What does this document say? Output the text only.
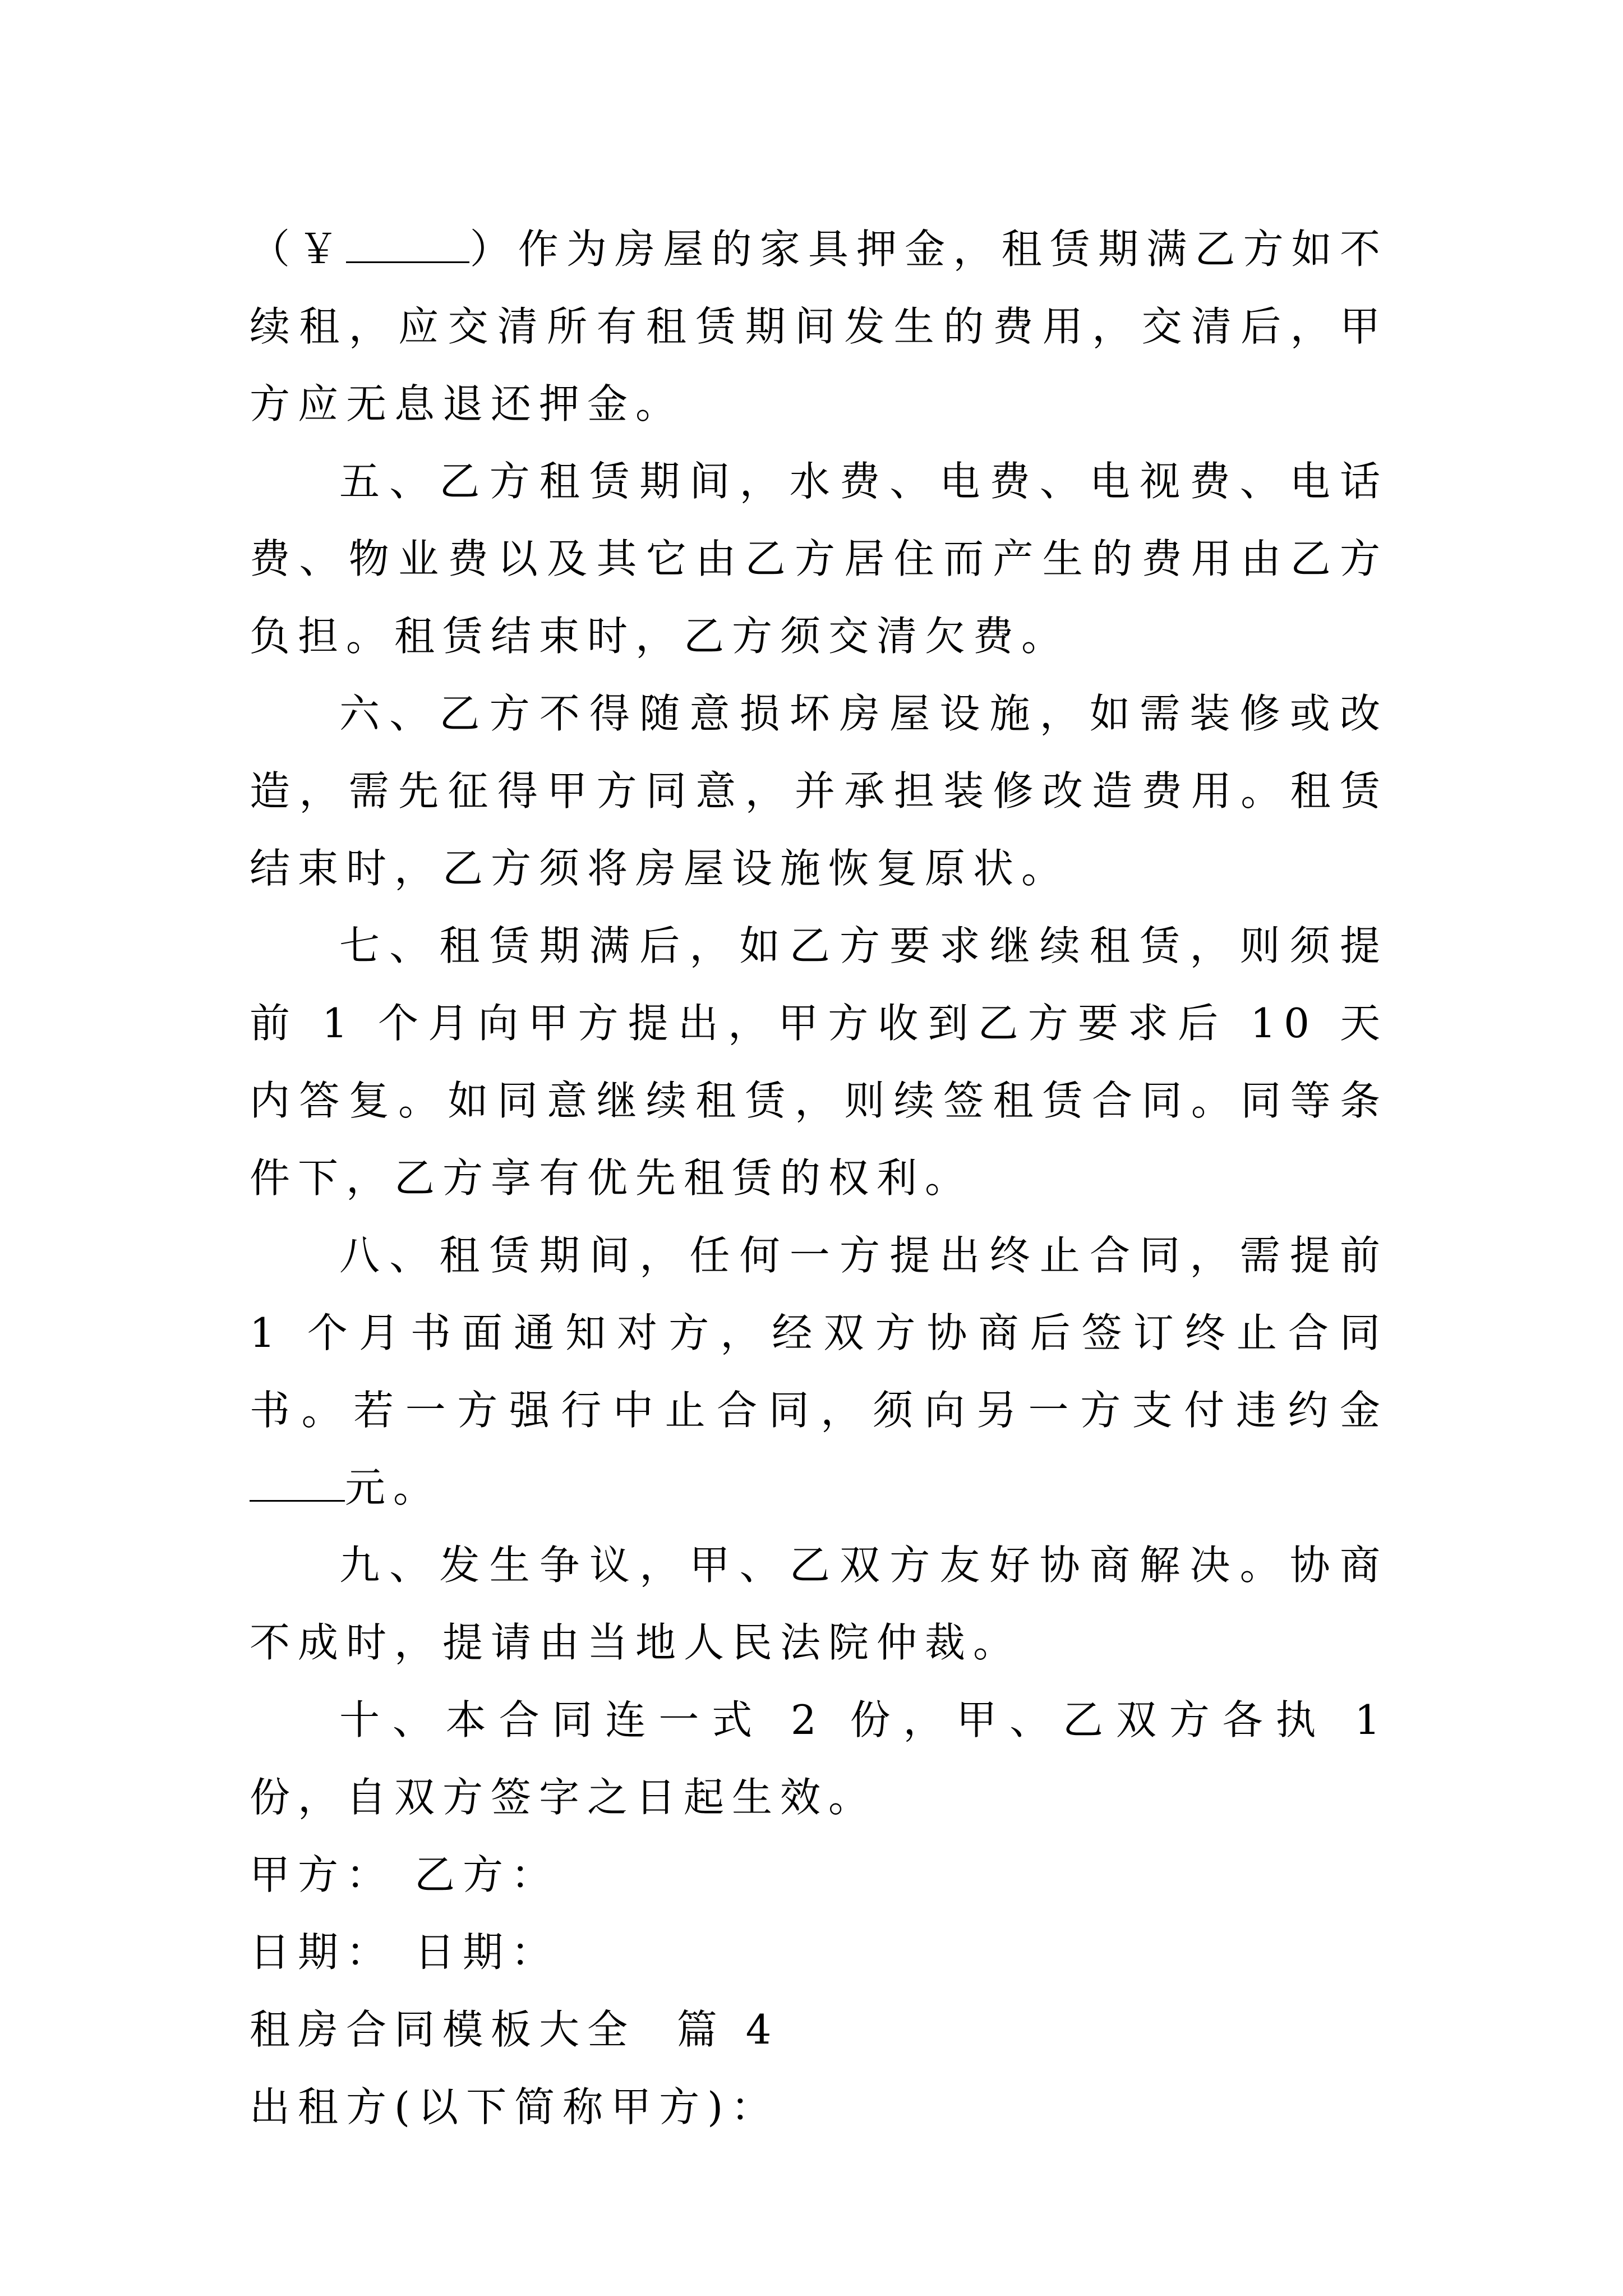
（￥	）作为房屋的家具押金，租赁期满乙方如不续租，应交清所有租赁期间发生的费用，交清后，甲方应无息退还押金。

五、乙方租赁期间，水费、电费、电视费、电话费、物业费以及其它由乙方居住而产生的费用由乙方负担。租赁结束时，乙方须交清欠费。

六、乙方不得随意损坏房屋设施，如需装修或改造，需先征得甲方同意，并承担装修改造费用。租赁结束时，乙方须将房屋设施恢复原状。

七、租赁期满后，如乙方要求继续租赁，则须提前 1 个月向甲方提出，甲方收到乙方要求后 10 天内答复。如同意继续租赁，则续签租赁合同。同等条件下，乙方享有优先租赁的权利。

八、租赁期间，任何一方提出终止合同，需提前 1 个月书面通知对方，经双方协商后签订终止合同书。若一方强行中止合同，须向另一方支付违约金元。

九、发生争议，甲、乙双方友好协商解决。协商不成时，提请由当地人民法院仲裁。

十、本合同连一式 2 份，甲、乙双方各执 1 份，自双方签字之日起生效。

甲方： 乙方：

日期： 日期：

租房合同模板大全  篇 4

出租方(以下简称甲方)：
